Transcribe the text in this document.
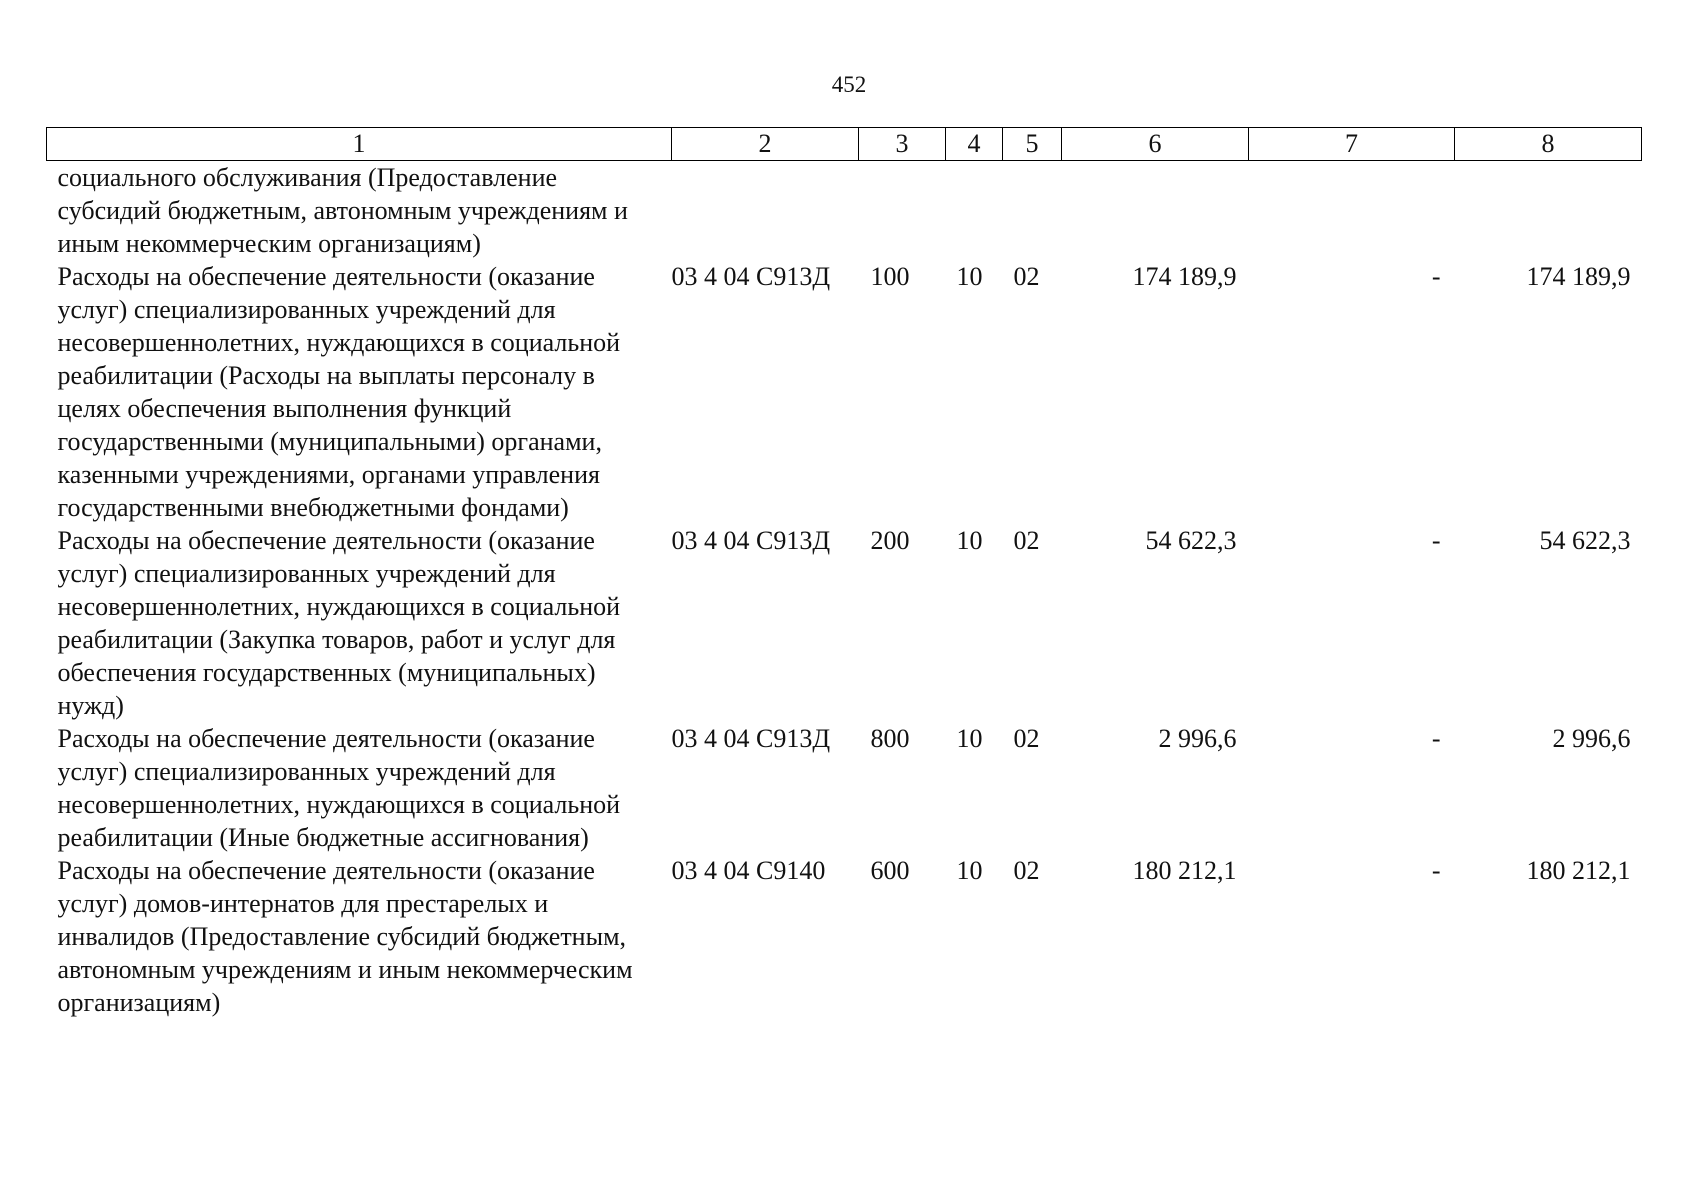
452
1	2	3	4	5	6	7	8
социального обслуживания (Предоставление субсидий бюджетным, автономным учреждениям и иным некоммерческим организациям)							
Расходы на обеспечение деятельности (оказание услуг) специализированных учреждений для несовершеннолетних, нуждающихся в социальной реабилитации (Расходы на выплаты персоналу в целях обеспечения выполнения функций государственными (муниципальными) органами, казенными учреждениями, органами управления государственными внебюджетными фондами)	03 4 04 С913Д	100	10	02	174 189,9	-	174 189,9
Расходы на обеспечение деятельности (оказание услуг) специализированных учреждений для несовершеннолетних, нуждающихся в социальной реабилитации (Закупка товаров, работ и услуг для обеспечения государственных (муниципальных) нужд)	03 4 04 С913Д	200	10	02	54 622,3	-	54 622,3
Расходы на обеспечение деятельности (оказание услуг) специализированных учреждений для несовершеннолетних, нуждающихся в социальной реабилитации (Иные бюджетные ассигнования)	03 4 04 С913Д	800	10	02	2 996,6	-	2 996,6
Расходы на обеспечение деятельности (оказание услуг) домов-интернатов для престарелых и инвалидов (Предоставление субсидий бюджетным, автономным учреждениям и иным некоммерческим организациям)	03 4 04 С9140	600	10	02	180 212,1	-	180 212,1
